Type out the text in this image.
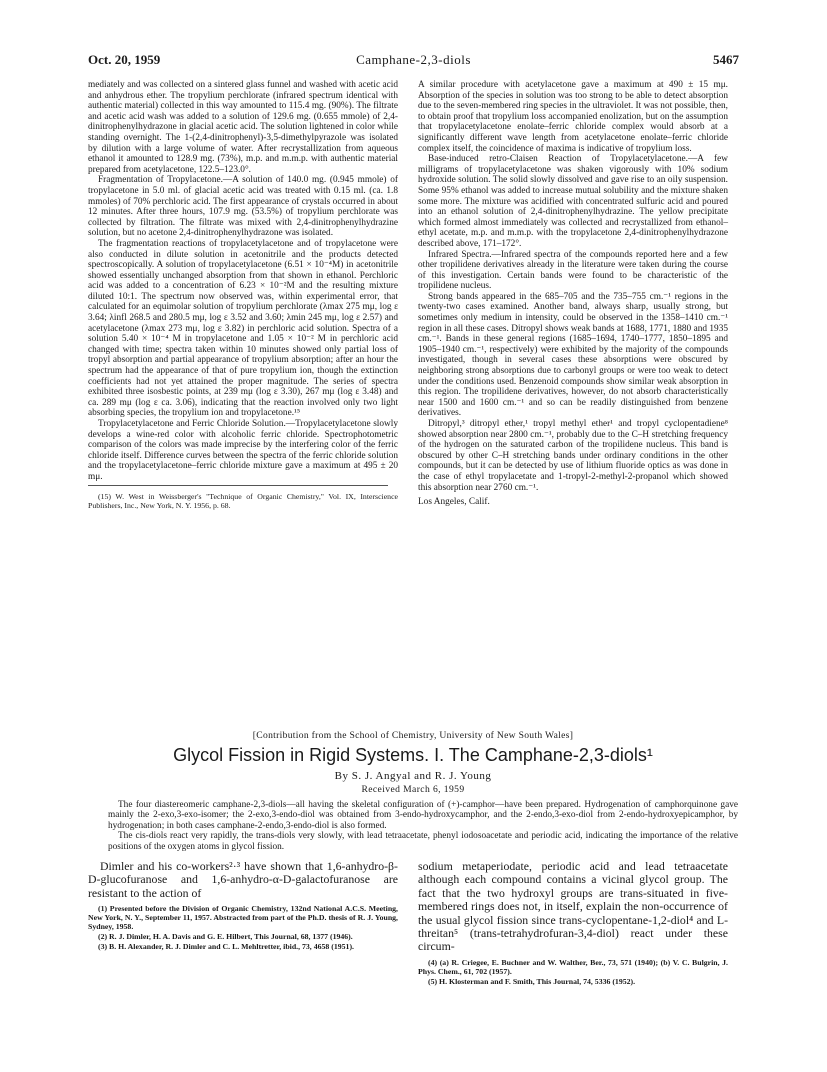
Oct. 20, 1959	Camphane-2,3-diols	5467

mediately and was collected on a sintered glass funnel and washed with acetic acid and anhydrous ether. The tropylium perchlorate (infrared spectrum identical with authentic material) collected in this way amounted to 115.4 mg. (90%). The filtrate and acetic acid wash was added to a solution of 129.6 mg. (0.655 mmole) of 2,4-dinitrophenylhydrazone in glacial acetic acid. The solution lightened in color while standing overnight. The 1-(2,4-dinitrophenyl)-3,5-dimethylpyrazole was isolated by dilution with a large volume of water. After recrystallization from aqueous ethanol it amounted to 128.9 mg. (73%), m.p. and m.m.p. with authentic material prepared from acetylacetone, 122.5–123.0°.

Fragmentation of Tropylacetone.—A solution of 140.0 mg. (0.945 mmole) of tropylacetone in 5.0 ml. of glacial acetic acid was treated with 0.15 ml. (ca. 1.8 mmoles) of 70% perchloric acid. The first appearance of crystals occurred in about 12 minutes. After three hours, 107.9 mg. (53.5%) of tropylium perchlorate was collected by filtration. The filtrate was mixed with 2,4-dinitrophenylhydrazine solution, but no acetone 2,4-dinitrophenylhydrazone was isolated.

The fragmentation reactions of tropylacetylacetone and of tropylacetone were also conducted in dilute solution in acetonitrile and the products detected spectroscopically. A solution of tropylacetylacetone (6.51 × 10⁻⁴M) in acetonitrile showed essentially unchanged absorption from that shown in ethanol. Perchloric acid was added to a concentration of 6.23 × 10⁻²M and the resulting mixture diluted 10:1. The spectrum now observed was, within experimental error, that calculated for an equimolar solution of tropylium perchlorate (λmax 275 mμ, log ε 3.64; λinfl 268.5 and 280.5 mμ, log ε 3.52 and 3.60; λmin 245 mμ, log ε 2.57) and acetylacetone (λmax 273 mμ, log ε 3.82) in perchloric acid solution. Spectra of a solution 5.40 × 10⁻⁴ M in tropylacetone and 1.05 × 10⁻² M in perchloric acid changed with time; spectra taken within 10 minutes showed only partial loss of tropyl absorption and partial appearance of tropylium absorption; after an hour the spectrum had the appearance of that of pure tropylium ion, though the extinction coefficients had not yet attained the proper magnitude. The series of spectra exhibited three isosbestic points, at 239 mμ (log ε 3.30), 267 mμ (log ε 3.48) and ca. 289 mμ (log ε ca. 3.06), indicating that the reaction involved only two light absorbing species, the tropylium ion and tropylacetone.¹⁵

Tropylacetylacetone and Ferric Chloride Solution.—Tropylacetylacetone slowly develops a wine-red color with alcoholic ferric chloride. Spectrophotometric comparison of the colors was made imprecise by the interfering color of the ferric chloride itself. Difference curves between the spectra of the ferric chloride solution and the tropylacetylacetone–ferric chloride mixture gave a maximum at 495 ± 20 mμ.

(15) W. West in Weissberger's "Technique of Organic Chemistry," Vol. IX, Interscience Publishers, Inc., New York, N. Y. 1956, p. 68.

A similar procedure with acetylacetone gave a maximum at 490 ± 15 mμ. Absorption of the species in solution was too strong to be able to detect absorption due to the seven-membered ring species in the ultraviolet. It was not possible, then, to obtain proof that tropylium loss accompanied enolization, but on the assumption that tropylacetylacetone enolate–ferric chloride complex would absorb at a significantly different wave length from acetylacetone enolate–ferric chloride complex itself, the coincidence of maxima is indicative of tropylium loss.

Base-induced retro-Claisen Reaction of Tropylacetylacetone.—A few milligrams of tropylacetylacetone was shaken vigorously with 10% sodium hydroxide solution. The solid slowly dissolved and gave rise to an oily suspension. Some 95% ethanol was added to increase mutual solubility and the mixture shaken some more. The mixture was acidified with concentrated sulfuric acid and poured into an ethanol solution of 2,4-dinitrophenylhydrazine. The yellow precipitate which formed almost immediately was collected and recrystallized from ethanol–ethyl acetate, m.p. and m.m.p. with the tropylacetone 2,4-dinitrophenylhydrazone described above, 171–172°.

Infrared Spectra.—Infrared spectra of the compounds reported here and a few other tropilidene derivatives already in the literature were taken during the course of this investigation. Certain bands were found to be characteristic of the tropilidene nucleus.

Strong bands appeared in the 685–705 and the 735–755 cm.⁻¹ regions in the twenty-two cases examined. Another band, always sharp, usually strong, but sometimes only medium in intensity, could be observed in the 1358–1410 cm.⁻¹ region in all these cases. Ditropyl shows weak bands at 1688, 1771, 1880 and 1935 cm.⁻¹. Bands in these general regions (1685–1694, 1740–1777, 1850–1895 and 1905–1940 cm.⁻¹, respectively) were exhibited by the majority of the compounds investigated, though in several cases these absorptions were obscured by neighboring strong absorptions due to carbonyl groups or were too weak to detect under the conditions used. Benzenoid compounds show similar weak absorption in this region. The tropilidene derivatives, however, do not absorb characteristically near 1500 and 1600 cm.⁻¹ and so can be readily distinguished from benzene derivatives.

Ditropyl,³ ditropyl ether,¹ tropyl methyl ether¹ and tropyl cyclopentadiene⁸ showed absorption near 2800 cm.⁻¹, probably due to the C–H stretching frequency of the hydrogen on the saturated carbon of the tropilidene nucleus. This band is obscured by other C–H stretching bands under ordinary conditions in the other compounds, but it can be detected by use of lithium fluoride optics as was done in the case of ethyl tropylacetate and 1-tropyl-2-methyl-2-propanol which showed this absorption near 2760 cm.⁻¹.

Los Angeles, Calif.

[Contribution from the School of Chemistry, University of New South Wales]
Glycol Fission in Rigid Systems. I. The Camphane-2,3-diols¹
By S. J. Angyal and R. J. Young
Received March 6, 1959

The four diastereomeric camphane-2,3-diols—all having the skeletal configuration of (+)-camphor—have been prepared. Hydrogenation of camphorquinone gave mainly the 2-exo,3-exo-isomer; the 2-exo,3-endo-diol was obtained from 3-endo-hydroxycamphor, and the 2-endo,3-exo-diol from 2-endo-hydroxyepicamphor, by hydrogenation; in both cases camphane-2-endo,3-endo-diol is also formed.

The cis-diols react very rapidly, the trans-diols very slowly, with lead tetraacetate, phenyl iodosoacetate and periodic acid, indicating the importance of the relative positions of the oxygen atoms in glycol fission.

Dimler and his co-workers²·³ have shown that 1,6-anhydro-β-D-glucofuranose and 1,6-anhydro-α-D-galactofuranose are resistant to the action of

(1) Presented before the Division of Organic Chemistry, 132nd National A.C.S. Meeting, New York, N. Y., September 11, 1957. Abstracted from part of the Ph.D. thesis of R. J. Young, Sydney, 1958.

(2) R. J. Dimler, H. A. Davis and G. E. Hilbert, This Journal, 68, 1377 (1946).

(3) B. H. Alexander, R. J. Dimler and C. L. Mehltretter, ibid., 73, 4658 (1951).

sodium metaperiodate, periodic acid and lead tetraacetate although each compound contains a vicinal glycol group. The fact that the two hydroxyl groups are trans-situated in five-membered rings does not, in itself, explain the non-occurrence of the usual glycol fission since trans-cyclopentane-1,2-diol⁴ and L-threitan⁵ (trans-tetrahydrofuran-3,4-diol) react under these circum-

(4) (a) R. Criegee, E. Buchner and W. Walther, Ber., 73, 571 (1940); (b) V. C. Bulgrin, J. Phys. Chem., 61, 702 (1957).

(5) H. Klosterman and F. Smith, This Journal, 74, 5336 (1952).
